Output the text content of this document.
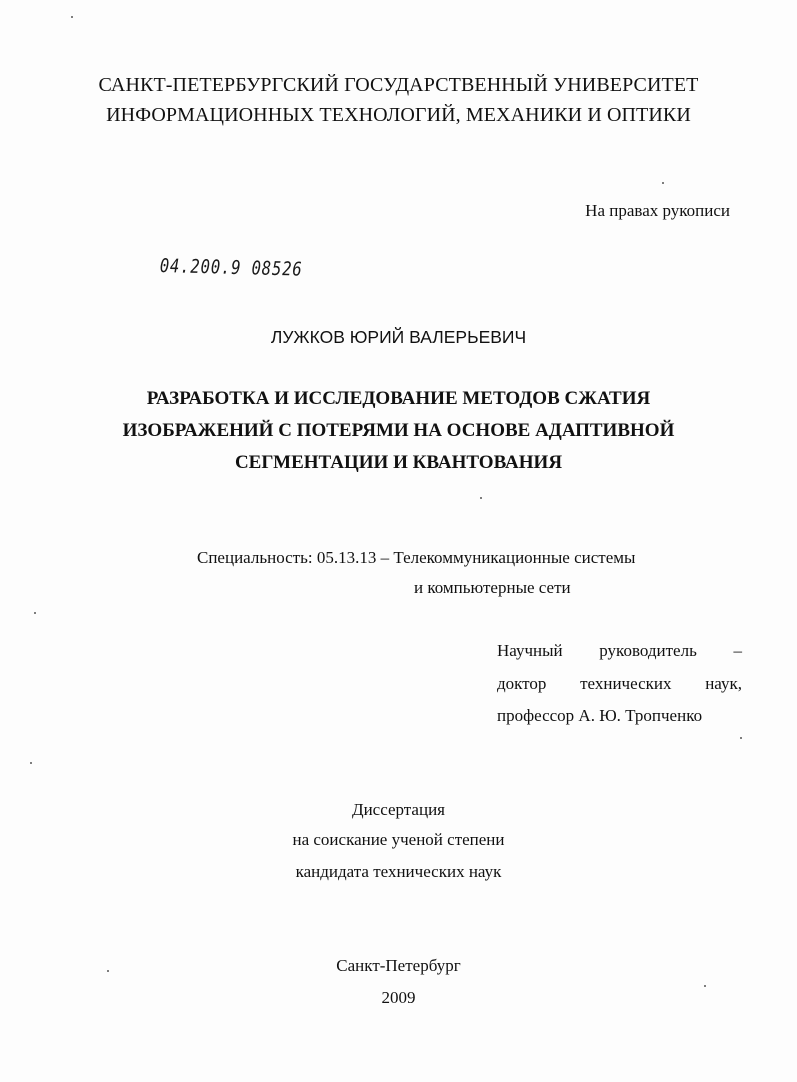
САНКТ-ПЕТЕРБУРГСКИЙ ГОСУДАРСТВЕННЫЙ УНИВЕРСИТЕТ
ИНФОРМАЦИОННЫХ ТЕХНОЛОГИЙ, МЕХАНИКИ И ОПТИКИ
На правах рукописи
04.200.9 08526
ЛУЖКОВ ЮРИЙ ВАЛЕРЬЕВИЧ
РАЗРАБОТКА И ИССЛЕДОВАНИЕ МЕТОДОВ СЖАТИЯ
ИЗОБРАЖЕНИЙ С ПОТЕРЯМИ НА ОСНОВЕ АДАПТИВНОЙ
СЕГМЕНТАЦИИ И КВАНТОВАНИЯ
Специальность: 05.13.13 – Телекоммуникационные системы
и компьютерные сети
Научный руководитель –
доктор технических наук,
профессор А. Ю. Тропченко
Диссертация
на соискание ученой степени
кандидата технических наук
Санкт-Петербург
2009
